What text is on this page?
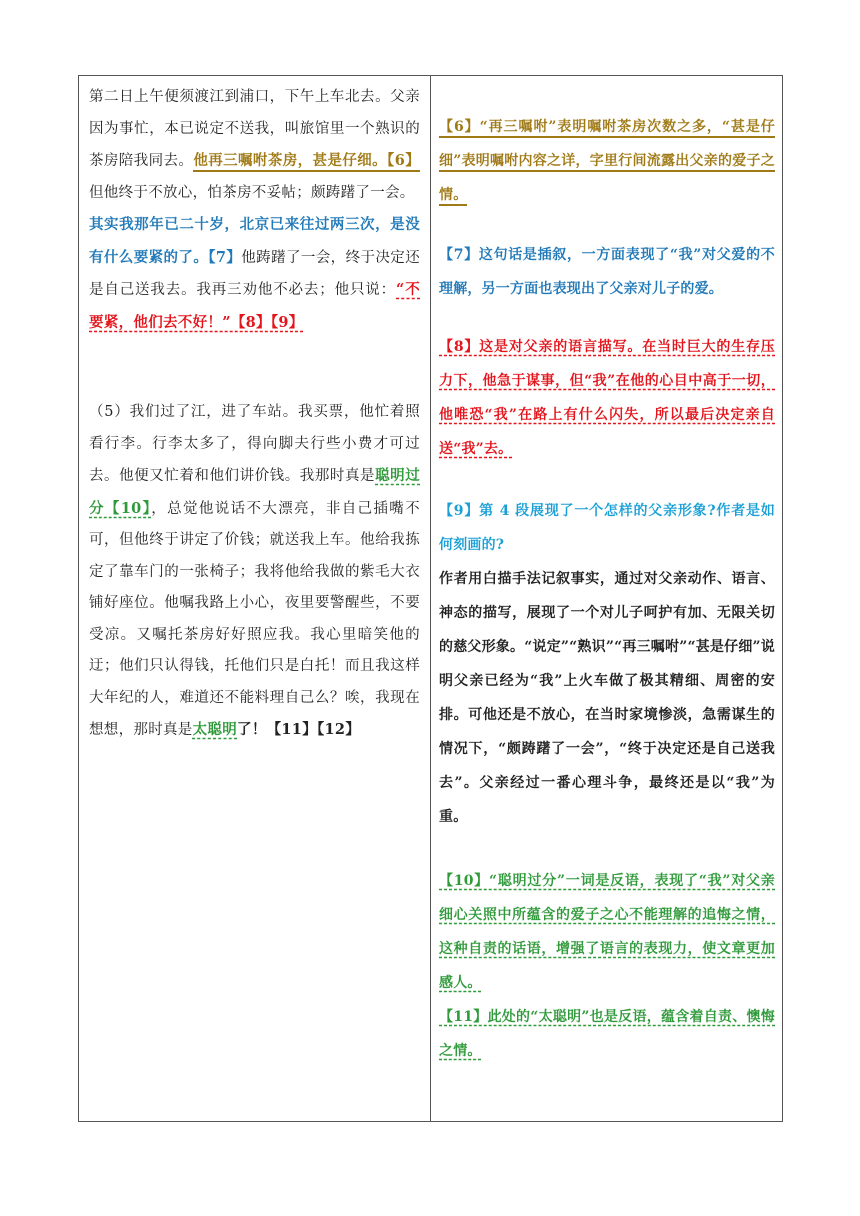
第二日上午便须渡江到浦口，下午上车北去。父亲因为事忙，本已说定不送我，叫旅馆里一个熟识的茶房陪我同去。他再三嘱咐茶房，甚是仔细。【6】但他终于不放心，怕茶房不妥帖；颇踌躇了一会。
其实我那年已二十岁，北京已来往过两三次，是没有什么要紧的了。【7】他踌躇了一会，终于决定还是自己送我去。我再三劝他不必去；他只说：“不要紧，他们去不好！”【8】【9】

（5）我们过了江，进了车站。我买票，他忙着照看行李。行李太多了，得向脚夫行些小费才可过去。他便又忙着和他们讲价钱。我那时真是聪明过分【10】，总觉他说话不大漂亮，非自己插嘴不可，但他终于讲定了价钱；就送我上车。他给我拣定了靠车门的一张椅子；我将他给我做的紫毛大衣铺好座位。他嘱我路上小心，夜里要警醒些，不要受凉。又嘱托茶房好好照应我。我心里暗笑他的迂；他们只认得钱，托他们只是白托！而且我这样大年纪的人，难道还不能料理自己么？唉，我现在想想，那时真是太聪明了！【11】【12】

【6】“再三嘱咐”表明嘱咐茶房次数之多，“甚是仔细”表明嘱咐内容之详，字里行间流露出父亲的爱子之情。

【7】这句话是插叙，一方面表现了“我”对父爱的不理解，另一方面也表现出了父亲对儿子的爱。

【8】这是对父亲的语言描写。在当时巨大的生存压力下，他急于谋事，但“我”在他的心目中高于一切，他唯恐“我”在路上有什么闪失，所以最后决定亲自送“我”去。

【9】第 4 段展现了一个怎样的父亲形象?作者是如何刻画的?

作者用白描手法记叙事实，通过对父亲动作、语言、神态的描写，展现了一个对儿子呵护有加、无限关切的慈父形象。“说定”“熟识”“再三嘱咐”“甚是仔细”说明父亲已经为“我”上火车做了极其精细、周密的安排。可他还是不放心，在当时家境惨淡，急需谋生的情况下，“颇踌躇了一会”，“终于决定还是自己送我去”。父亲经过一番心理斗争，最终还是以“我”为重。

【10】“聪明过分”一词是反语，表现了“我”对父亲细心关照中所蕴含的爱子之心不能理解的追悔之情，这种自责的话语，增强了语言的表现力，使文章更加感人。

【11】此处的“太聪明”也是反语，蕴含着自责、懊悔之情。
